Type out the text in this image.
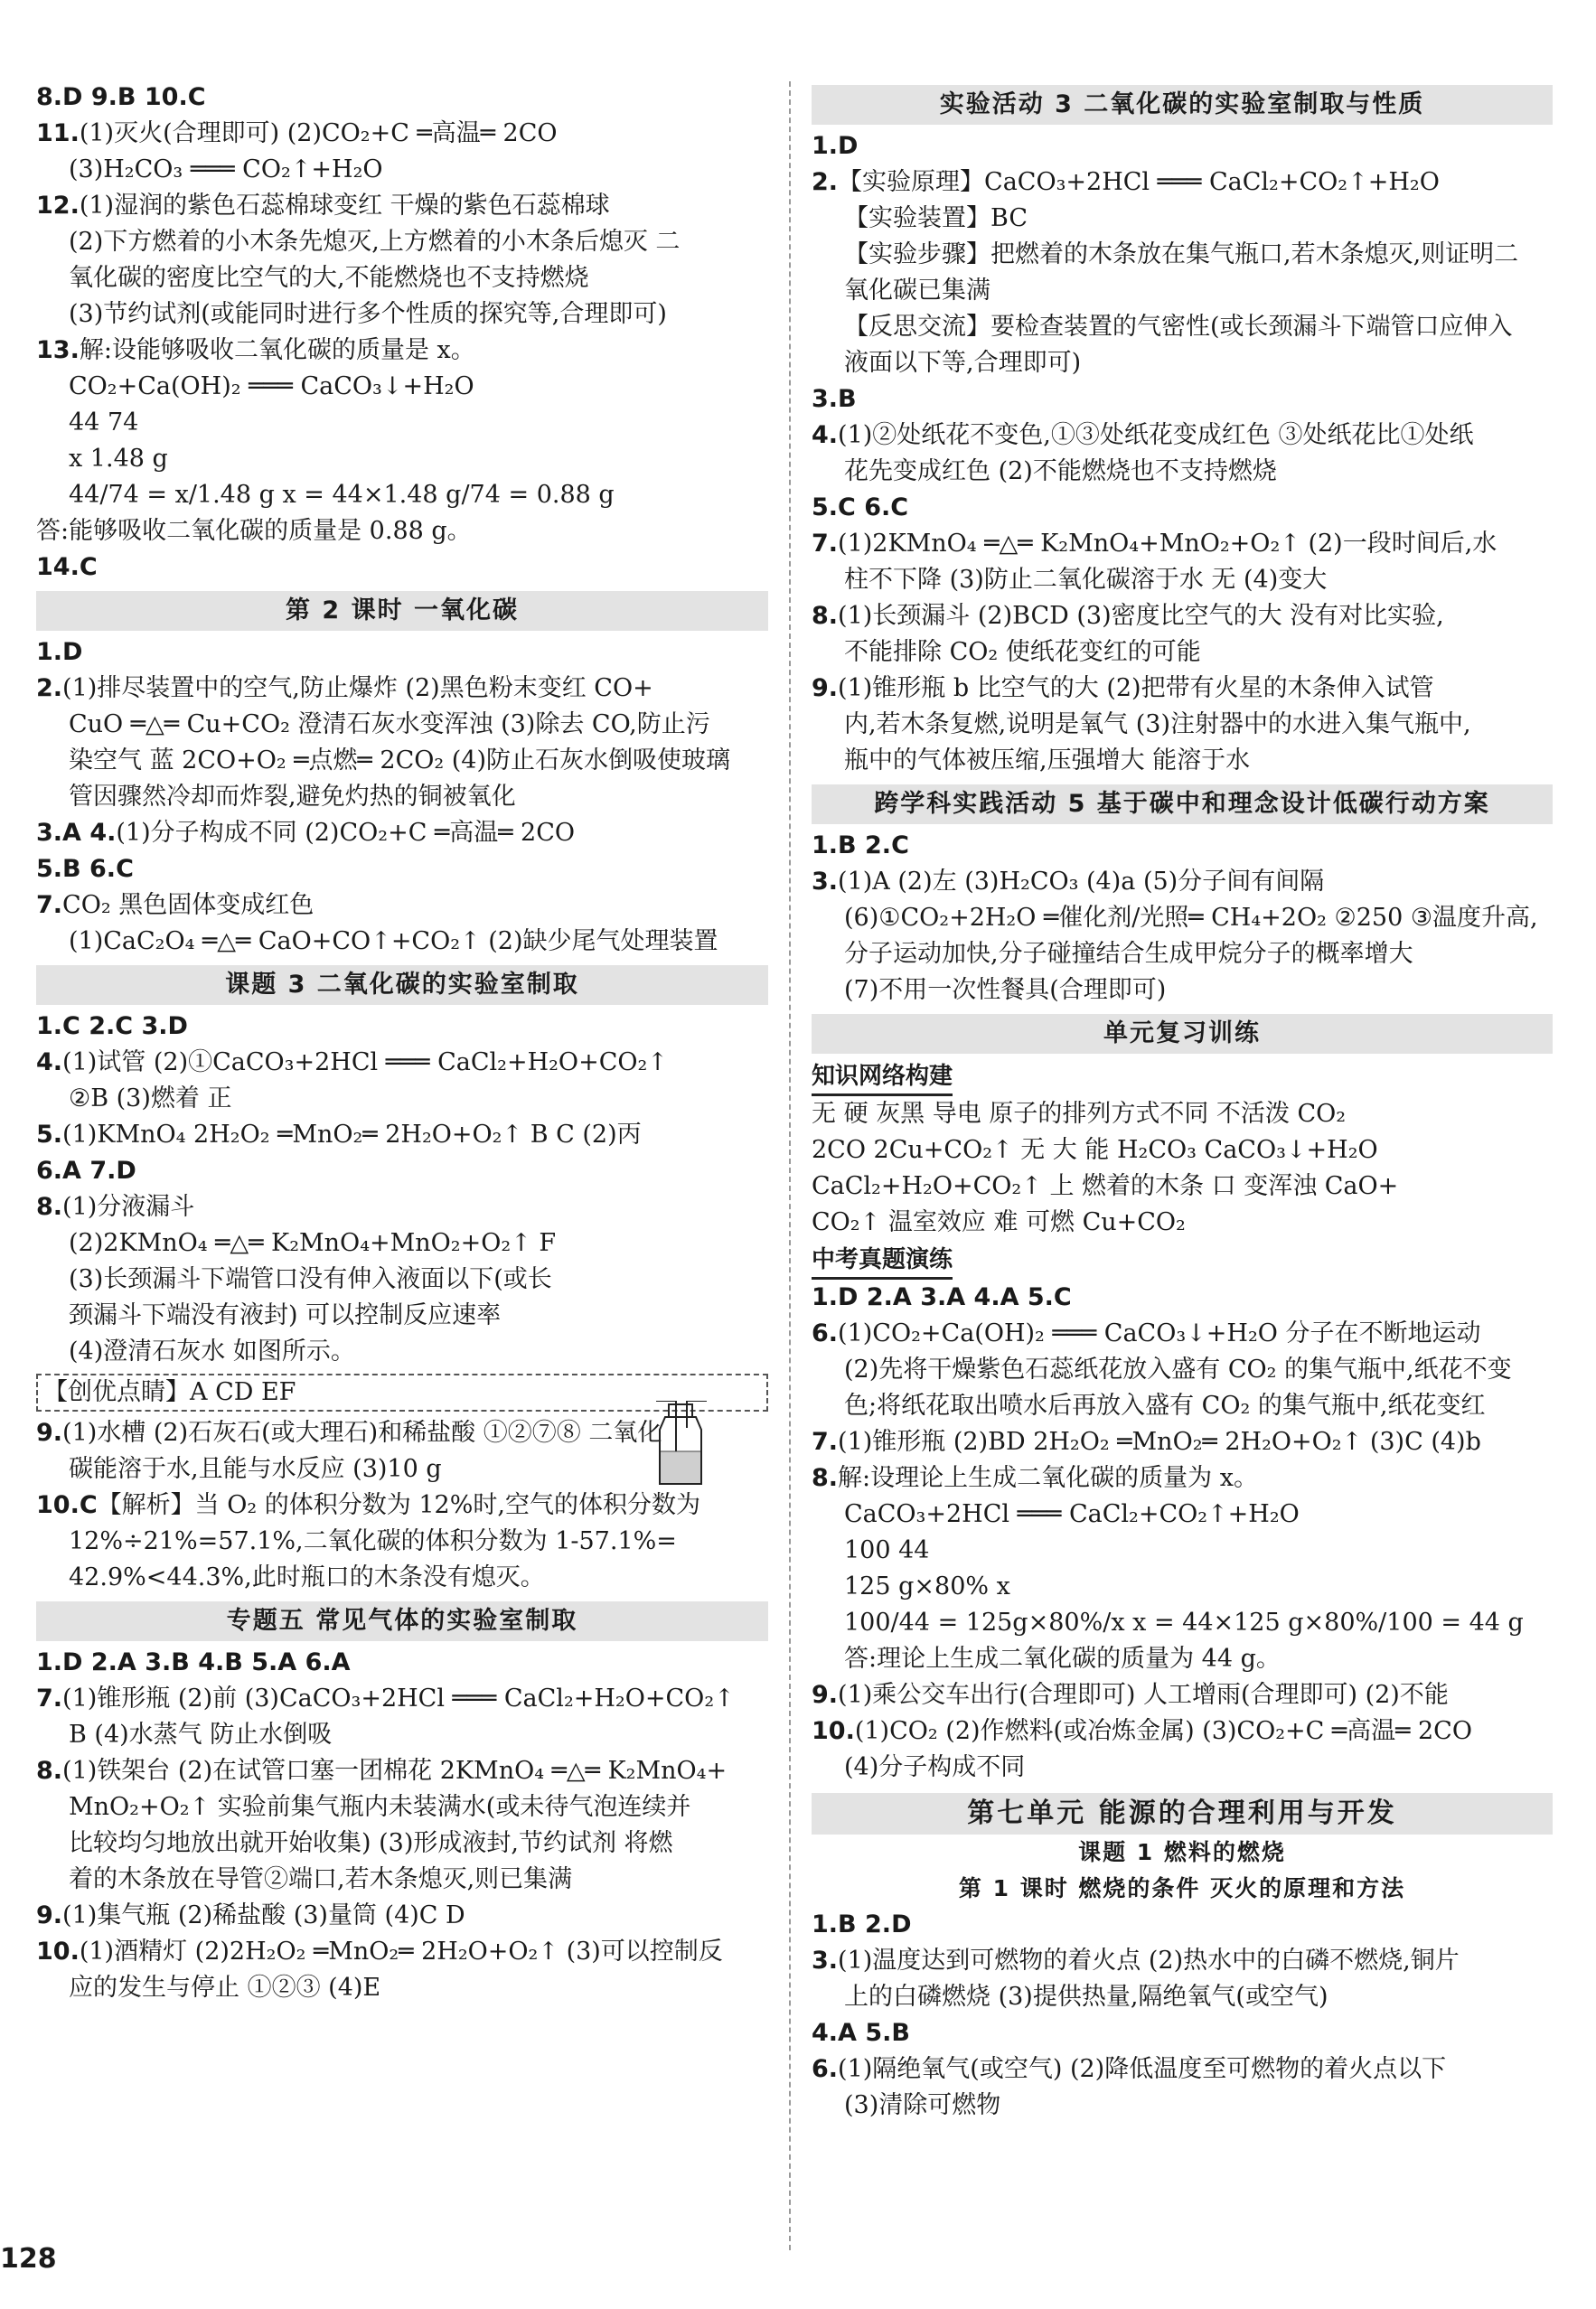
8.D 9.B 10.C
11.(1)灭火(合理即可) (2)CO₂+C ═高温═ 2CO
(3)H₂CO₃ ═══ CO₂↑+H₂O
12.(1)湿润的紫色石蕊棉球变红 干燥的紫色石蕊棉球
(2)下方燃着的小木条先熄灭,上方燃着的小木条后熄灭 二
氧化碳的密度比空气的大,不能燃烧也不支持燃烧
(3)节约试剂(或能同时进行多个性质的探究等,合理即可)
13.解:设能够吸收二氧化碳的质量是 x。
CO₂+Ca(OH)₂ ═══ CaCO₃↓+H₂O
44 74
x 1.48 g
44/74 = x/1.48 g x = 44×1.48 g/74 = 0.88 g
答:能够吸收二氧化碳的质量是 0.88 g。
14.C
第 2 课时 一氧化碳
1.D
2.(1)排尽装置中的空气,防止爆炸 (2)黑色粉末变红 CO+
CuO ═△═ Cu+CO₂ 澄清石灰水变浑浊 (3)除去 CO,防止污
染空气 蓝 2CO+O₂ ═点燃═ 2CO₂ (4)防止石灰水倒吸使玻璃
管因骤然冷却而炸裂,避免灼热的铜被氧化
3.A 4.(1)分子构成不同 (2)CO₂+C ═高温═ 2CO
5.B 6.C
7.CO₂ 黑色固体变成红色
(1)CaC₂O₄ ═△═ CaO+CO↑+CO₂↑ (2)缺少尾气处理装置
课题 3 二氧化碳的实验室制取
1.C 2.C 3.D
4.(1)试管 (2)①CaCO₃+2HCl ═══ CaCl₂+H₂O+CO₂↑
②B (3)燃着 正
5.(1)KMnO₄ 2H₂O₂ ═MnO₂═ 2H₂O+O₂↑ B C (2)丙
6.A 7.D
8.(1)分液漏斗
(2)2KMnO₄ ═△═ K₂MnO₄+MnO₂+O₂↑ F
(3)长颈漏斗下端管口没有伸入液面以下(或长
颈漏斗下端没有液封) 可以控制反应速率
(4)澄清石灰水 如图所示。
【创优点睛】A CD EF
9.(1)水槽 (2)石灰石(或大理石)和稀盐酸 ①②⑦⑧ 二氧化
碳能溶于水,且能与水反应 (3)10 g
10.C【解析】当 O₂ 的体积分数为 12%时,空气的体积分数为
12%÷21%=57.1%,二氧化碳的体积分数为 1-57.1%=
42.9%<44.3%,此时瓶口的木条没有熄灭。
专题五 常见气体的实验室制取
1.D 2.A 3.B 4.B 5.A 6.A
7.(1)锥形瓶 (2)前 (3)CaCO₃+2HCl ═══ CaCl₂+H₂O+CO₂↑
B (4)水蒸气 防止水倒吸
8.(1)铁架台 (2)在试管口塞一团棉花 2KMnO₄ ═△═ K₂MnO₄+
MnO₂+O₂↑ 实验前集气瓶内未装满水(或未待气泡连续并
比较均匀地放出就开始收集) (3)形成液封,节约试剂 将燃
着的木条放在导管②端口,若木条熄灭,则已集满
9.(1)集气瓶 (2)稀盐酸 (3)量筒 (4)C D
10.(1)酒精灯 (2)2H₂O₂ ═MnO₂═ 2H₂O+O₂↑ (3)可以控制反
应的发生与停止 ①②③ (4)E
实验活动 3 二氧化碳的实验室制取与性质
1.D
2.【实验原理】CaCO₃+2HCl ═══ CaCl₂+CO₂↑+H₂O
【实验装置】BC
【实验步骤】把燃着的木条放在集气瓶口,若木条熄灭,则证明二
氧化碳已集满
【反思交流】要检查装置的气密性(或长颈漏斗下端管口应伸入
液面以下等,合理即可)
3.B
4.(1)②处纸花不变色,①③处纸花变成红色 ③处纸花比①处纸
花先变成红色 (2)不能燃烧也不支持燃烧
5.C 6.C
7.(1)2KMnO₄ ═△═ K₂MnO₄+MnO₂+O₂↑ (2)一段时间后,水
柱不下降 (3)防止二氧化碳溶于水 无 (4)变大
8.(1)长颈漏斗 (2)BCD (3)密度比空气的大 没有对比实验,
不能排除 CO₂ 使纸花变红的可能
9.(1)锥形瓶 b 比空气的大 (2)把带有火星的木条伸入试管
内,若木条复燃,说明是氧气 (3)注射器中的水进入集气瓶中,
瓶中的气体被压缩,压强增大 能溶于水
跨学科实践活动 5 基于碳中和理念设计低碳行动方案
1.B 2.C
3.(1)A (2)左 (3)H₂CO₃ (4)a (5)分子间有间隔
(6)①CO₂+2H₂O ═催化剂/光照═ CH₄+2O₂ ②250 ③温度升高,
分子运动加快,分子碰撞结合生成甲烷分子的概率增大
(7)不用一次性餐具(合理即可)
单元复习训练
知识网络构建
无 硬 灰黑 导电 原子的排列方式不同 不活泼 CO₂
2CO 2Cu+CO₂↑ 无 大 能 H₂CO₃ CaCO₃↓+H₂O
CaCl₂+H₂O+CO₂↑ 上 燃着的木条 口 变浑浊 CaO+
CO₂↑ 温室效应 难 可燃 Cu+CO₂
中考真题演练
1.D 2.A 3.A 4.A 5.C
6.(1)CO₂+Ca(OH)₂ ═══ CaCO₃↓+H₂O 分子在不断地运动
(2)先将干燥紫色石蕊纸花放入盛有 CO₂ 的集气瓶中,纸花不变
色;将纸花取出喷水后再放入盛有 CO₂ 的集气瓶中,纸花变红
7.(1)锥形瓶 (2)BD 2H₂O₂ ═MnO₂═ 2H₂O+O₂↑ (3)C (4)b
8.解:设理论上生成二氧化碳的质量为 x。
CaCO₃+2HCl ═══ CaCl₂+CO₂↑+H₂O
100 44
125 g×80% x
100/44 = 125g×80%/x x = 44×125 g×80%/100 = 44 g
答:理论上生成二氧化碳的质量为 44 g。
9.(1)乘公交车出行(合理即可) 人工增雨(合理即可) (2)不能
10.(1)CO₂ (2)作燃料(或冶炼金属) (3)CO₂+C ═高温═ 2CO
(4)分子构成不同
第七单元 能源的合理利用与开发
课题 1 燃料的燃烧
第 1 课时 燃烧的条件 灭火的原理和方法
1.B 2.D
3.(1)温度达到可燃物的着火点 (2)热水中的白磷不燃烧,铜片
上的白磷燃烧 (3)提供热量,隔绝氧气(或空气)
4.A 5.B
6.(1)隔绝氧气(或空气) (2)降低温度至可燃物的着火点以下
(3)清除可燃物
128
